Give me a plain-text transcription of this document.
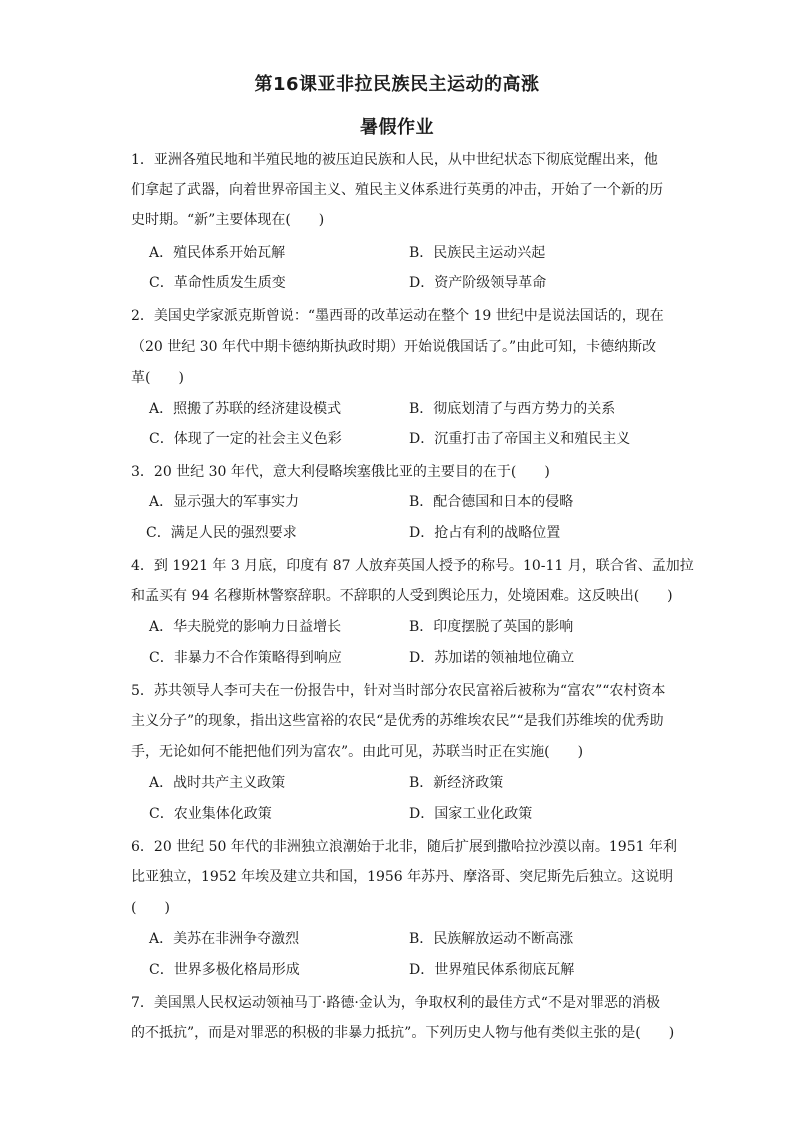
第16课亚非拉民族民主运动的高涨
暑假作业
1．亚洲各殖民地和半殖民地的被压迫民族和人民，从中世纪状态下彻底觉醒出来，他
们拿起了武器，向着世界帝国主义、殖民主义体系进行英勇的冲击，开始了一个新的历
史时期。“新”主要体现在(　　)
A．殖民体系开始瓦解	B．民族民主运动兴起
C．革命性质发生质变	D．资产阶级领导革命
2．美国史学家派克斯曾说：“墨西哥的改革运动在整个 19 世纪中是说法国话的，现在
（20 世纪 30 年代中期卡德纳斯执政时期）开始说俄国话了。”由此可知，卡德纳斯改
革(　　)
A．照搬了苏联的经济建设模式	B．彻底划清了与西方势力的关系
C．体现了一定的社会主义色彩	D．沉重打击了帝国主义和殖民主义
3．20 世纪 30 年代，意大利侵略埃塞俄比亚的主要目的在于(　　)
A．显示强大的军事实力	B．配合德国和日本的侵略
C．满足人民的强烈要求	D．抢占有利的战略位置
4．到 1921 年 3 月底，印度有 87 人放弃英国人授予的称号。10-11 月，联合省、孟加拉
和孟买有 94 名穆斯林警察辞职。不辞职的人受到舆论压力，处境困难。这反映出(　　)
A．华夫脱党的影响力日益增长	B．印度摆脱了英国的影响
C．非暴力不合作策略得到响应	D．苏加诺的领袖地位确立
5．苏共领导人李可夫在一份报告中，针对当时部分农民富裕后被称为“富农”“农村资本
主义分子”的现象，指出这些富裕的农民“是优秀的苏维埃农民”“是我们苏维埃的优秀助
手，无论如何不能把他们列为富农”。由此可见，苏联当时正在实施(　　)
A．战时共产主义政策	B．新经济政策
C．农业集体化政策	D．国家工业化政策
6．20 世纪 50 年代的非洲独立浪潮始于北非，随后扩展到撒哈拉沙漠以南。1951 年利
比亚独立，1952 年埃及建立共和国，1956 年苏丹、摩洛哥、突尼斯先后独立。这说明
(　　)
A．美苏在非洲争夺激烈	B．民族解放运动不断高涨
C．世界多极化格局形成	D．世界殖民体系彻底瓦解
7．美国黑人民权运动领袖马丁·路德·金认为，争取权利的最佳方式“不是对罪恶的消极
的不抵抗”，而是对罪恶的积极的非暴力抵抗”。下列历史人物与他有类似主张的是(　　)
